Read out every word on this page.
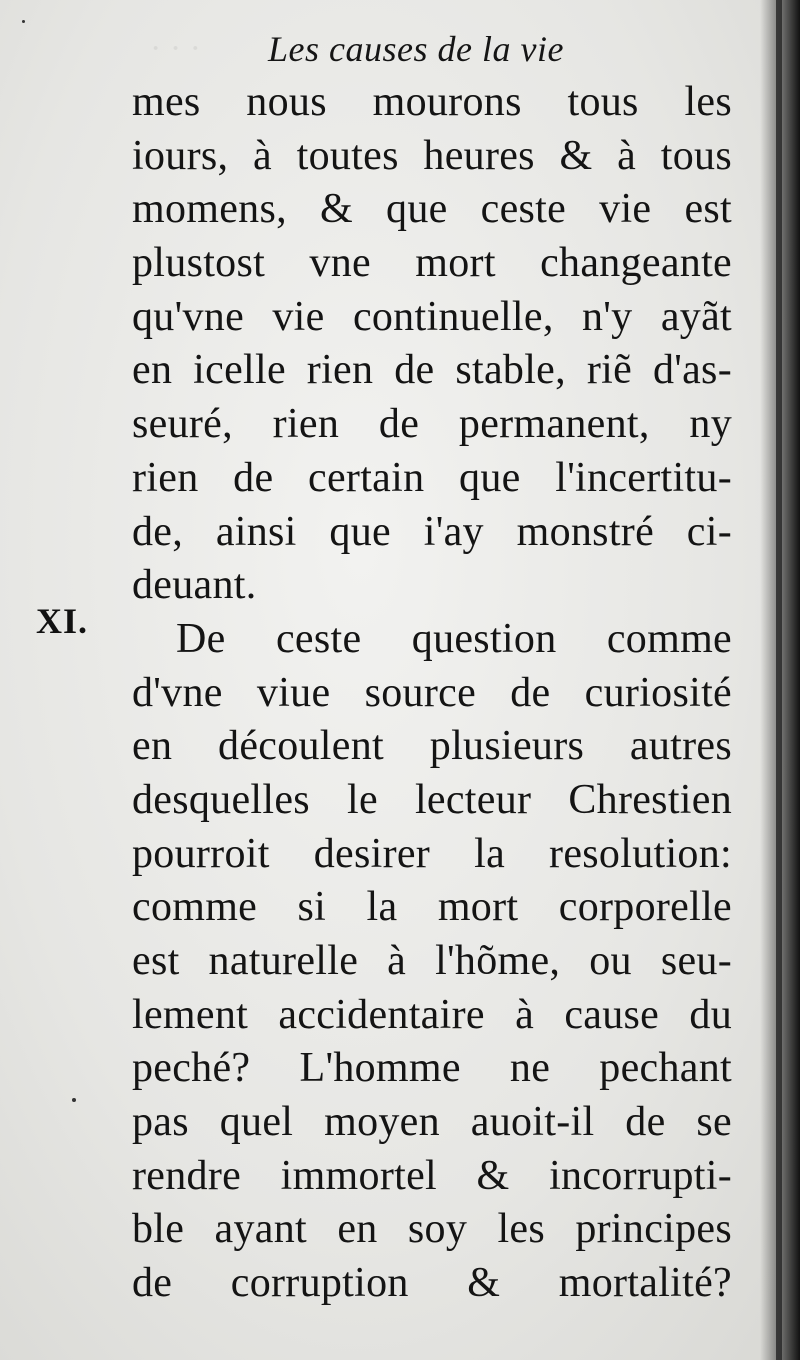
· · · Les causes de la vie
XI.
mes nous mourons tous les
iours, à toutes heures & à tous
momens, & que ceste vie est
plustost vne mort changeante
qu'vne vie continuelle, n'y ayãt
en icelle rien de stable, riẽ d'as-
seuré, rien de permanent, ny
rien de certain que l'incertitu-
de, ainsi que i'ay monstré ci-
deuant.
De ceste question comme
d'vne viue source de curiosité
en découlent plusieurs autres
desquelles le lecteur Chrestien
pourroit desirer la resolution:
comme si la mort corporelle
est naturelle à l'hõme, ou seu-
lement accidentaire à cause du
peché? L'homme ne pechant
pas quel moyen auoit-il de se
rendre immortel & incorrupti-
ble ayant en soy les principes
de corruption & mortalité?
